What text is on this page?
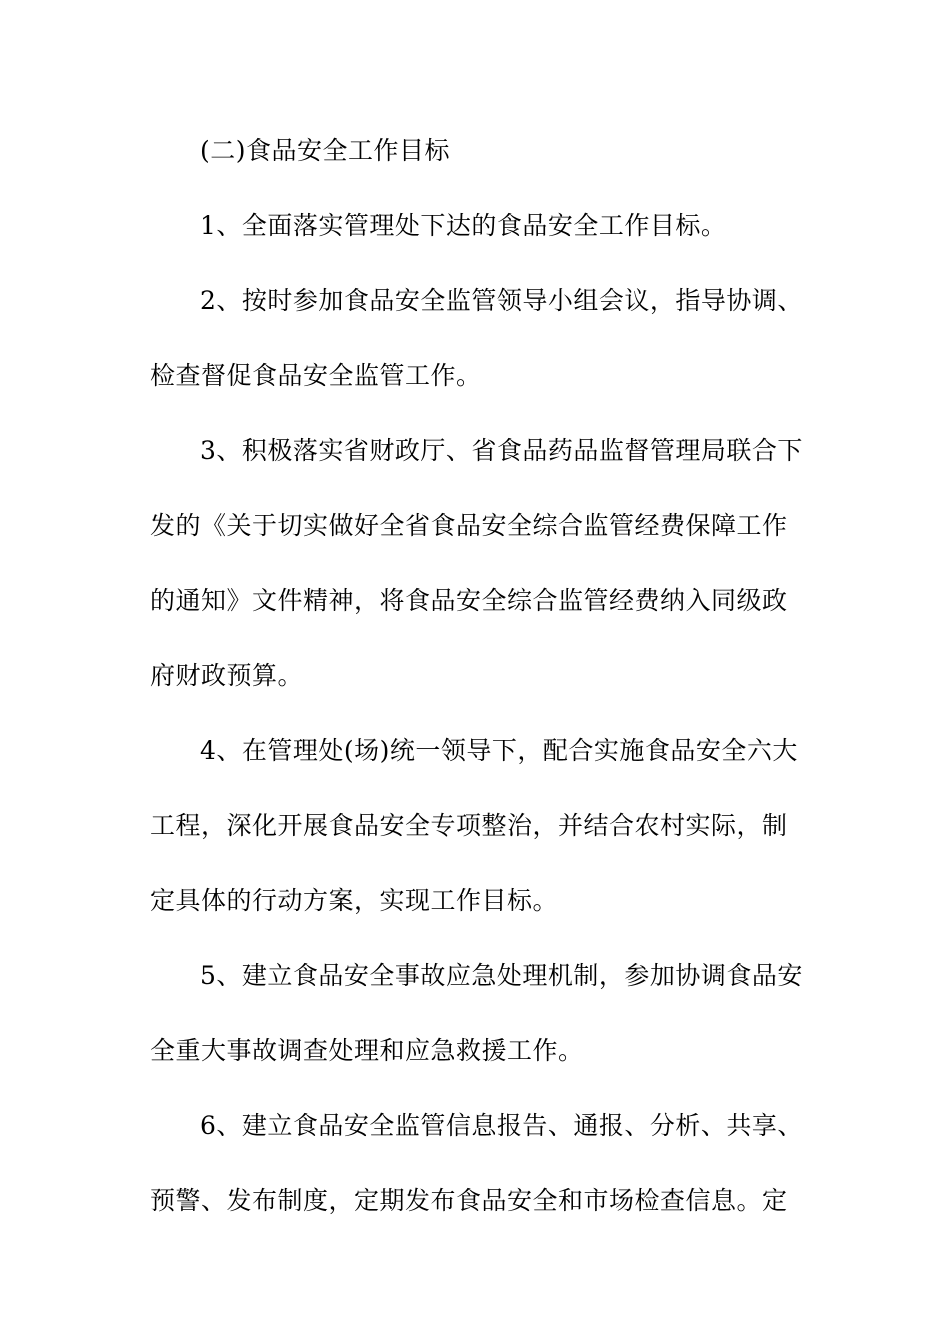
(二)食品安全工作目标
1、全面落实管理处下达的食品安全工作目标。
2、按时参加食品安全监管领导小组会议，指导协调、
检查督促食品安全监管工作。
3、积极落实省财政厅、省食品药品监督管理局联合下
发的《关于切实做好全省食品安全综合监管经费保障工作
的通知》文件精神，将食品安全综合监管经费纳入同级政
府财政预算。
4、在管理处(场)统一领导下，配合实施食品安全六大
工程，深化开展食品安全专项整治，并结合农村实际，制
定具体的行动方案，实现工作目标。
5、建立食品安全事故应急处理机制，参加协调食品安
全重大事故调查处理和应急救援工作。
6、建立食品安全监管信息报告、通报、分析、共享、
预警、发布制度，定期发布食品安全和市场检查信息。定
